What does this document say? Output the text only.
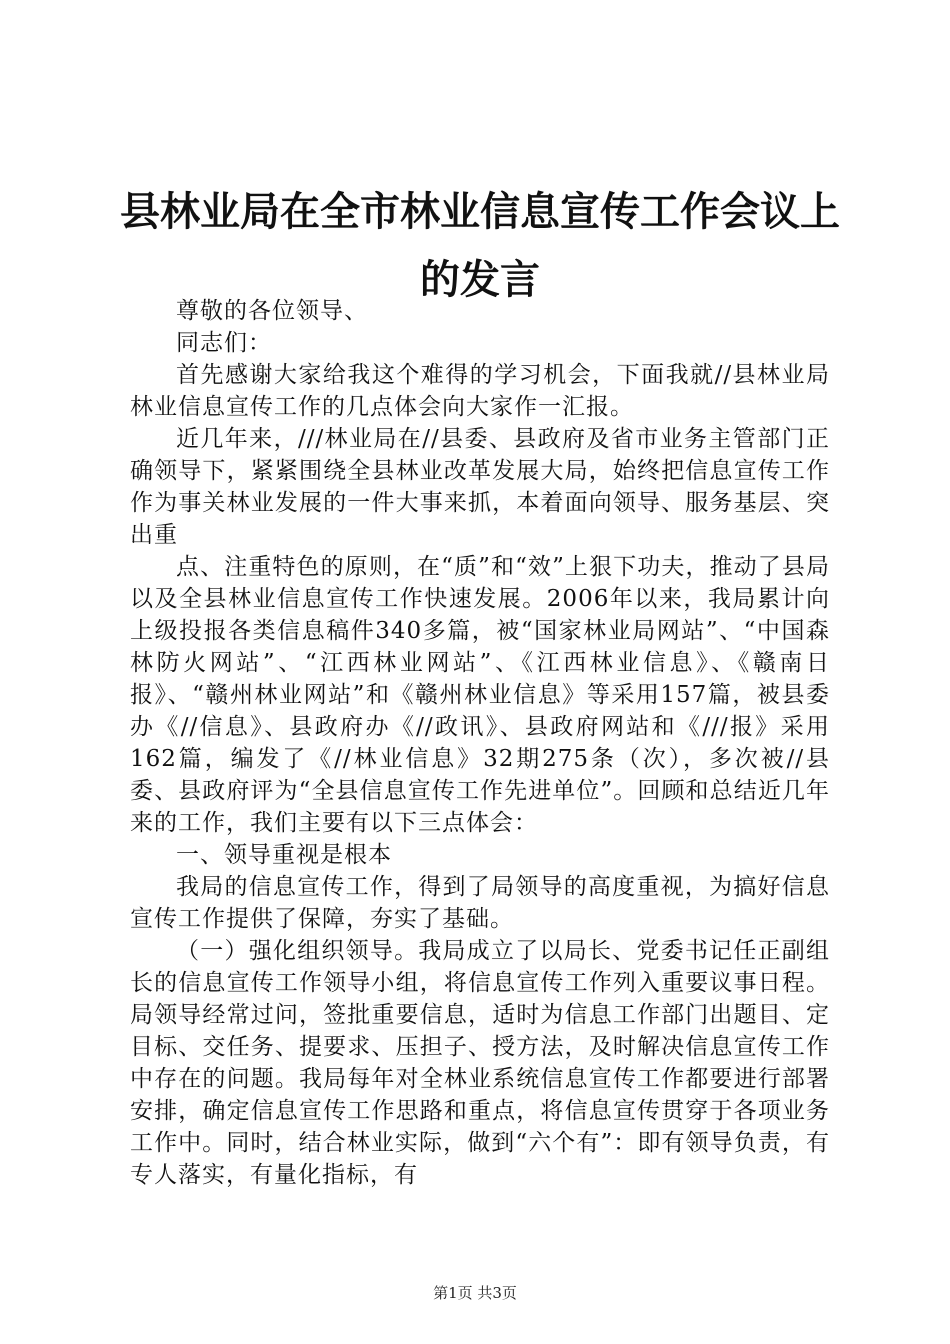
县林业局在全市林业信息宣传工作会议上的发言

尊敬的各位领导、

同志们：

首先感谢大家给我这个难得的学习机会，下面我就//县林业局林业信息宣传工作的几点体会向大家作一汇报。

近几年来，///林业局在//县委、县政府及省市业务主管部门正确领导下，紧紧围绕全县林业改革发展大局，始终把信息宣传工作作为事关林业发展的一件大事来抓，本着面向领导、服务基层、突出重

点、注重特色的原则，在“质”和“效”上狠下功夫，推动了县局以及全县林业信息宣传工作快速发展。2006年以来，我局累计向上级投报各类信息稿件340多篇，被“国家林业局网站”、“中国森林防火网站”、“江西林业网站”、《江西林业信息》、《赣南日报》、“赣州林业网站”和《赣州林业信息》等采用157篇，被县委办《//信息》、县政府办《//政讯》、县政府网站和《///报》采用162篇，编发了《//林业信息》32期275条（次），多次被//县委、县政府评为“全县信息宣传工作先进单位”。回顾和总结近几年来的工作，我们主要有以下三点体会：

一、领导重视是根本

我局的信息宣传工作，得到了局领导的高度重视，为搞好信息宣传工作提供了保障，夯实了基础。

（一）强化组织领导。我局成立了以局长、党委书记任正副组长的信息宣传工作领导小组，将信息宣传工作列入重要议事日程。局领导经常过问，签批重要信息，适时为信息工作部门出题目、定目标、交任务、提要求、压担子、授方法，及时解决信息宣传工作中存在的问题。我局每年对全林业系统信息宣传工作都要进行部署安排，确定信息宣传工作思路和重点，将信息宣传贯穿于各项业务工作中。同时，结合林业实际，做到“六个有”：即有领导负责，有专人落实，有量化指标，有

第1页 共3页
